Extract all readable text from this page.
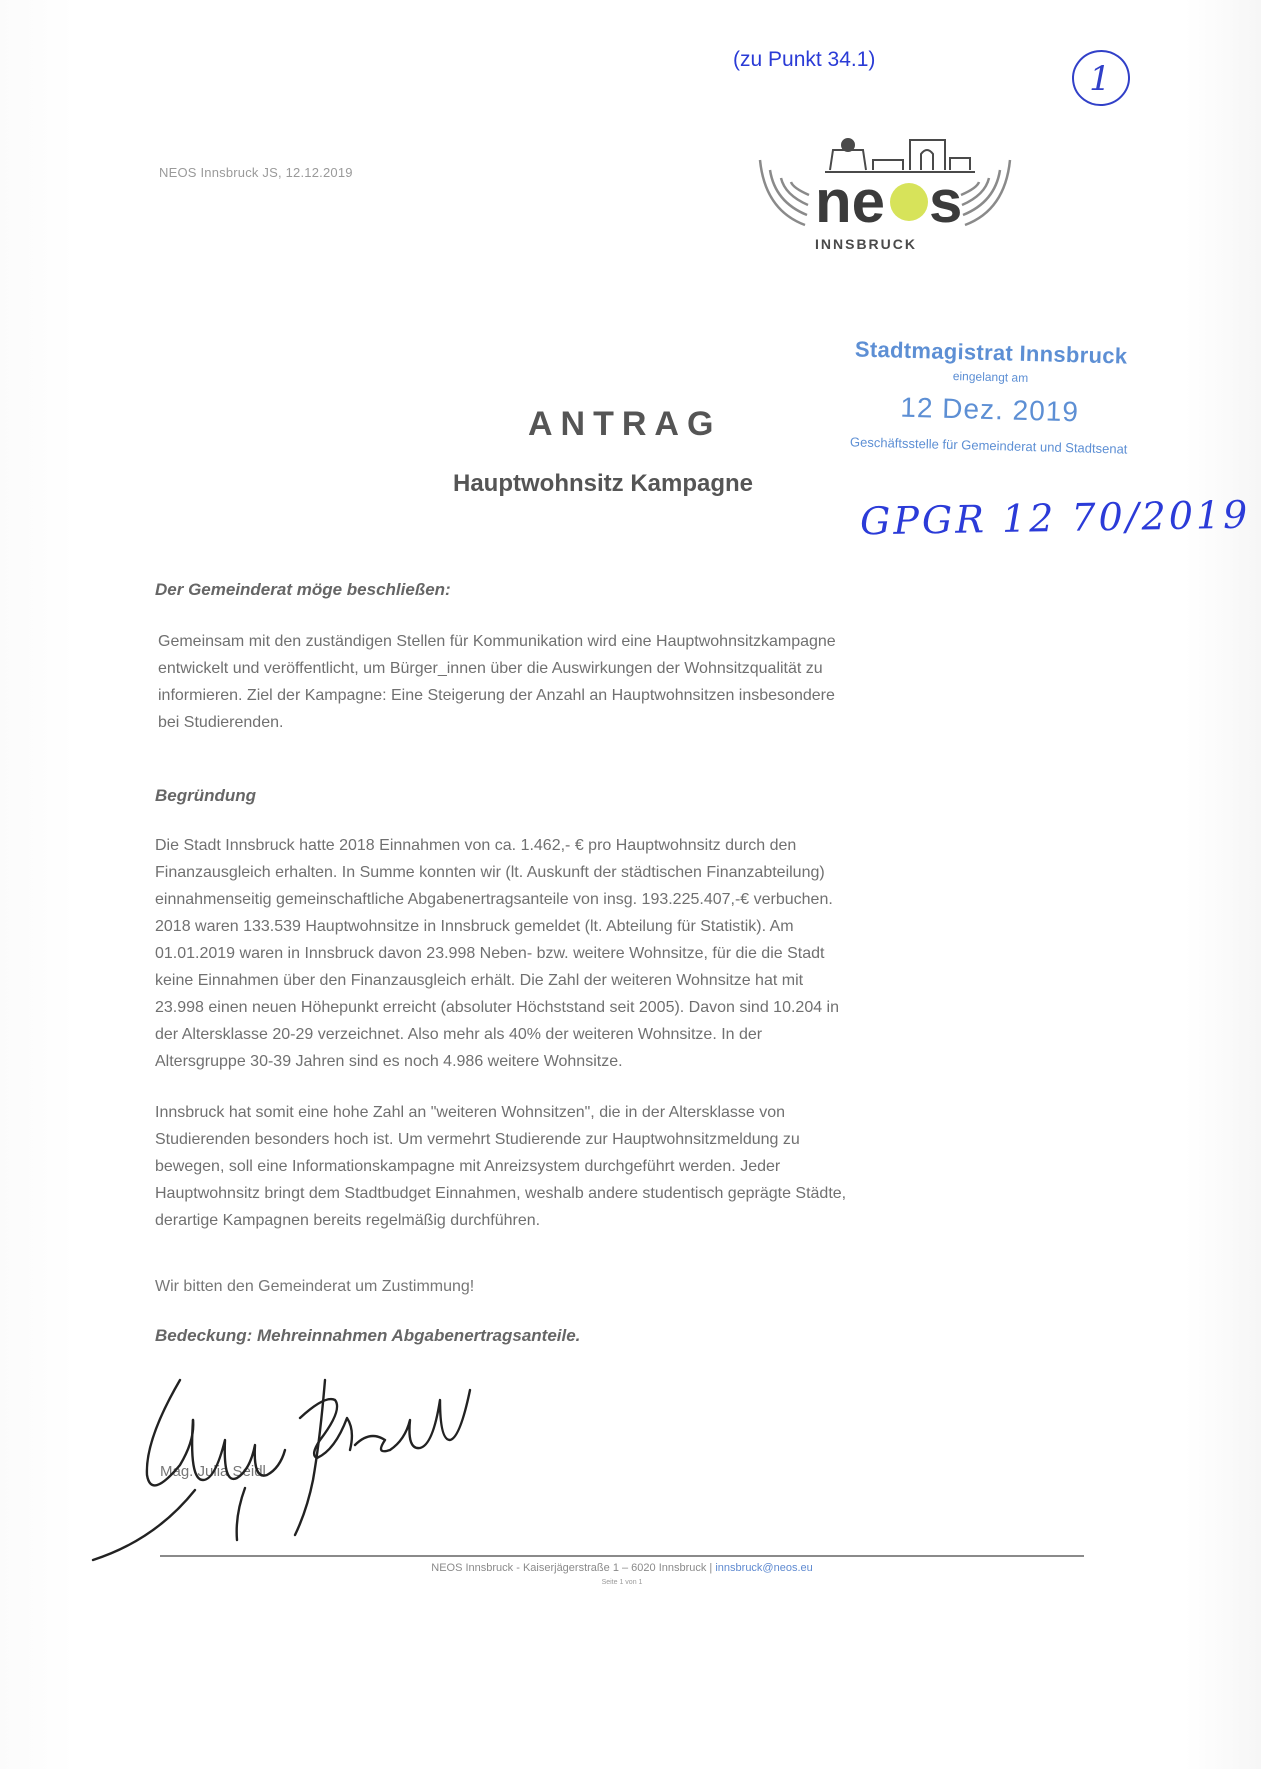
(zu Punkt 34.1)	1
NEOS Innsbruck JS, 12.12.2019	ne s
INNSBRUCK
Stadtmagistrat Innsbruck
eingelangt am
12 Dez. 2019
Geschäftsstelle für Gemeinderat und Stadtsenat
GPGR 12 70/2019
ANTRAG
Hauptwohnsitz Kampagne
Der Gemeinderat möge beschließen:
Gemeinsam mit den zuständigen Stellen für Kommunikation wird eine Hauptwohnsitzkampagne
entwickelt und veröffentlicht, um Bürger_innen über die Auswirkungen der Wohnsitzqualität zu
informieren. Ziel der Kampagne: Eine Steigerung der Anzahl an Hauptwohnsitzen insbesondere
bei Studierenden.
Begründung
Die Stadt Innsbruck hatte 2018 Einnahmen von ca. 1.462,- € pro Hauptwohnsitz durch den
Finanzausgleich erhalten. In Summe konnten wir (lt. Auskunft der städtischen Finanzabteilung)
einnahmenseitig gemeinschaftliche Abgabenertragsanteile von insg. 193.225.407,-€ verbuchen.
2018 waren 133.539 Hauptwohnsitze in Innsbruck gemeldet (lt. Abteilung für Statistik). Am
01.01.2019 waren in Innsbruck davon 23.998 Neben- bzw. weitere Wohnsitze, für die die Stadt
keine Einnahmen über den Finanzausgleich erhält. Die Zahl der weiteren Wohnsitze hat mit
23.998 einen neuen Höhepunkt erreicht (absoluter Höchststand seit 2005). Davon sind 10.204 in
der Altersklasse 20-29 verzeichnet. Also mehr als 40% der weiteren Wohnsitze. In der
Altersgruppe 30-39 Jahren sind es noch 4.986 weitere Wohnsitze.
Innsbruck hat somit eine hohe Zahl an "weiteren Wohnsitzen", die in der Altersklasse von
Studierenden besonders hoch ist. Um vermehrt Studierende zur Hauptwohnsitzmeldung zu
bewegen, soll eine Informationskampagne mit Anreizsystem durchgeführt werden. Jeder
Hauptwohnsitz bringt dem Stadtbudget Einnahmen, weshalb andere studentisch geprägte Städte,
derartige Kampagnen bereits regelmäßig durchführen.
Wir bitten den Gemeinderat um Zustimmung!
Bedeckung: Mehreinnahmen Abgabenertragsanteile.
Mag. Julia Seidl
NEOS Innsbruck - Kaiserjägerstraße 1 – 6020 Innsbruck | innsbruck@neos.eu
Seite 1 von 1
